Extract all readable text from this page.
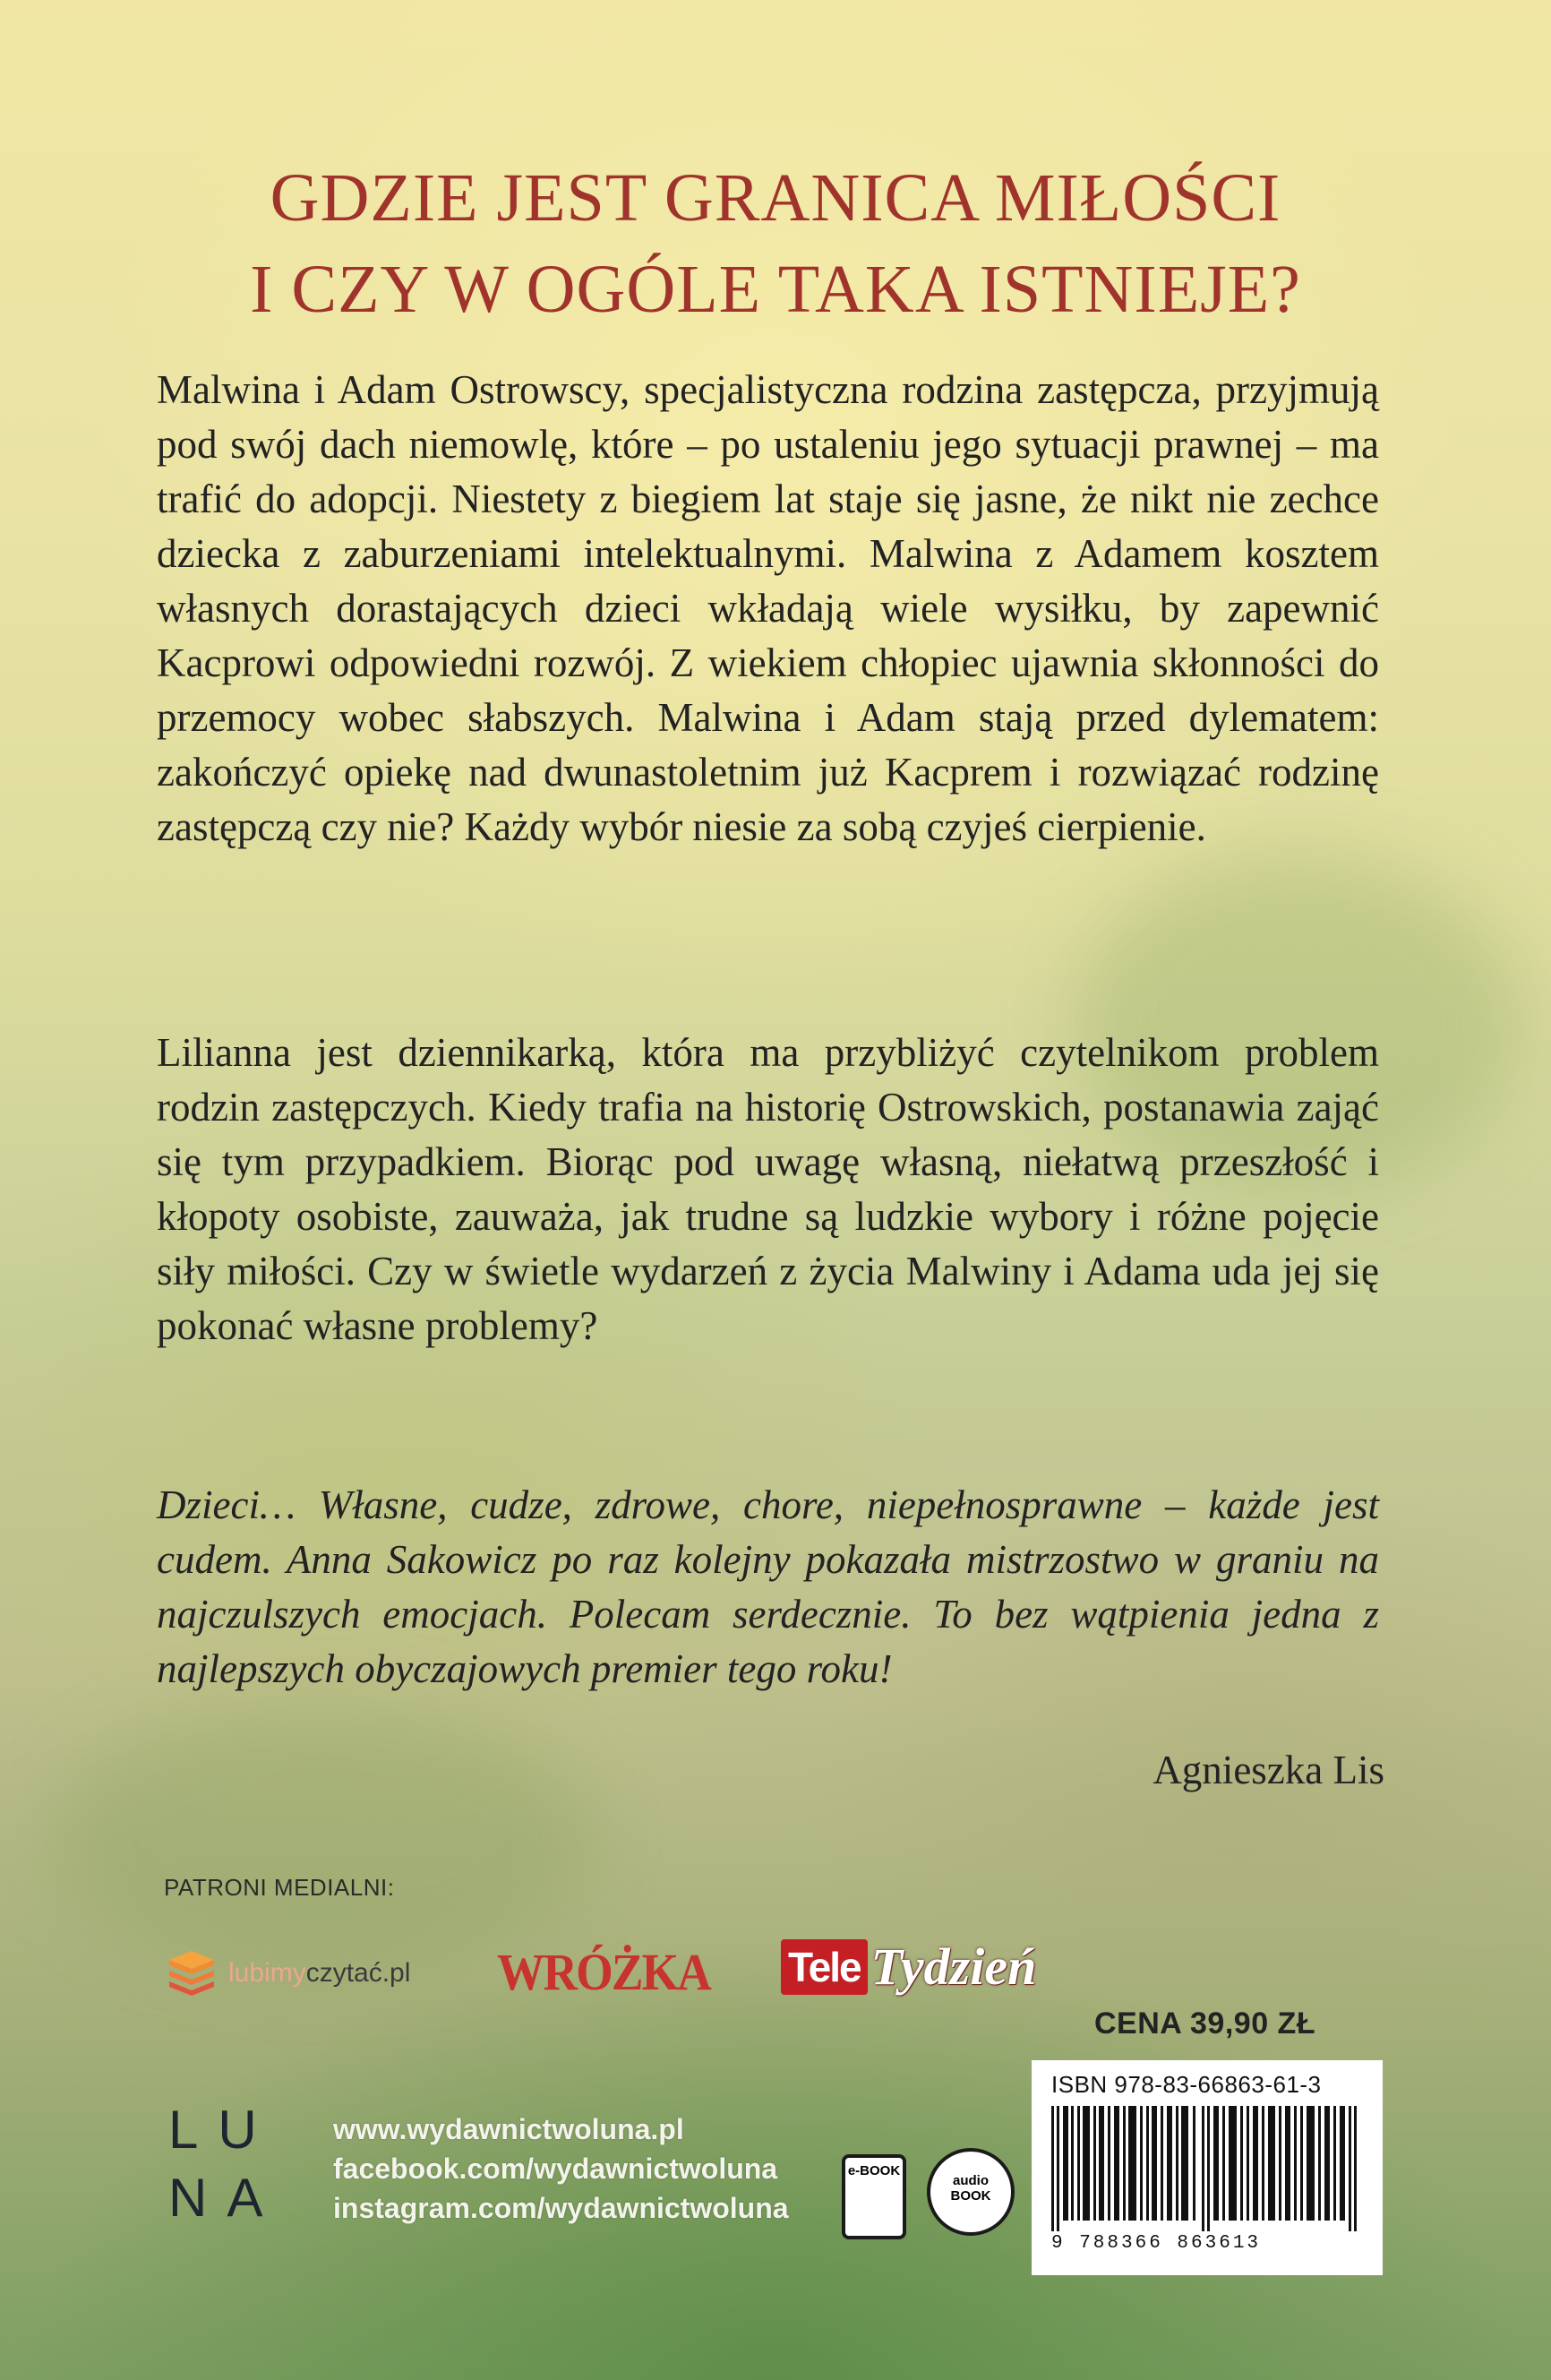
GDZIE JEST GRANICA MIŁOŚCI
I CZY W OGÓLE TAKA ISTNIEJE?

Malwina i Adam Ostrowscy, specjalistyczna rodzina zastępcza, przyjmują pod swój dach niemowlę, które – po ustaleniu jego sytuacji prawnej – ma trafić do adopcji. Niestety z biegiem lat staje się jasne, że nikt nie zechce dziecka z zaburzeniami intelektualnymi. Malwina z Adamem kosztem własnych dorastających dzieci wkładają wiele wysiłku, by zapewnić Kacprowi odpowiedni rozwój. Z wiekiem chłopiec ujawnia skłonności do przemocy wobec słabszych. Malwina i Adam stają przed dylematem: zakończyć opiekę nad dwunastoletnim już Kacprem i rozwiązać rodzinę zastępczą czy nie? Każdy wybór niesie za sobą czyjeś cierpienie.

Lilianna jest dziennikarką, która ma przybliżyć czytelnikom problem rodzin zastępczych. Kiedy trafia na historię Ostrowskich, postanawia zająć się tym przypadkiem. Biorąc pod uwagę własną, niełatwą przeszłość i kłopoty osobiste, zauważa, jak trudne są ludzkie wybory i różne pojęcie siły miłości. Czy w świetle wydarzeń z życia Malwiny i Adama uda jej się pokonać własne problemy?

Dzieci… Własne, cudze, zdrowe, chore, niepełnosprawne – każde jest cudem. Anna Sakowicz po raz kolejny pokazała mistrzostwo w graniu na najczulszych emocjach. Polecam serdecznie. To bez wątpienia jedna z najlepszych obyczajowych premier tego roku!

Agnieszka Lis
PATRONI MEDIALNI:
lubimy czytać.pl WRÓŻKA Tele Tydzień
CENA 39,90 ZŁ
LU
NA
www.wydawnictwoluna.pl
facebook.com/wydawnictwoluna
instagram.com/wydawnictwoluna
e-BOOK
audio
BOOK
ISBN 978-83-66863-61-3
9 788366 863613
